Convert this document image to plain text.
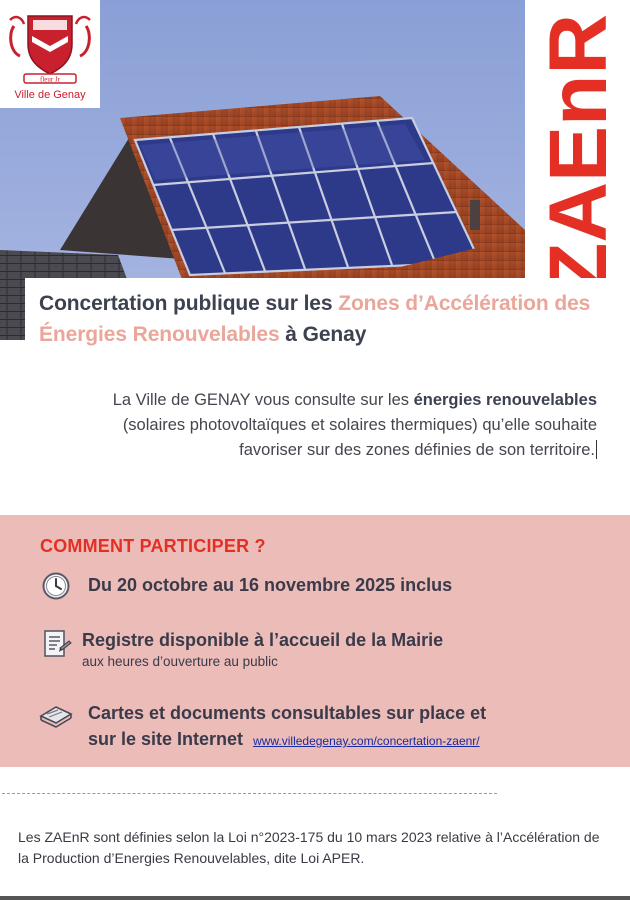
fleur Jr
Ville de Genay	ZAEnR

Concertation publique sur les Zones d’Accélération des Énergies Renouvelables à Genay

La Ville de GENAY vous consulte sur les énergies renouvelables
(solaires photovoltaïques et solaires thermiques) qu’elle souhaite
favoriser sur des zones définies de son territoire.
COMMENT PARTICIPER ?
Du 20 octobre au 16 novembre 2025 inclus
Registre disponible à l’accueil de la Mairie
aux heures d’ouverture au public
Cartes et documents consultables sur place et
sur le site Internet www.villedegenay.com/concertation-zaenr/
Les ZAEnR sont définies selon la Loi n°2023-175 du 10 mars 2023 relative à l’Accélération de la Production d’Energies Renouvelables, dite Loi APER.
